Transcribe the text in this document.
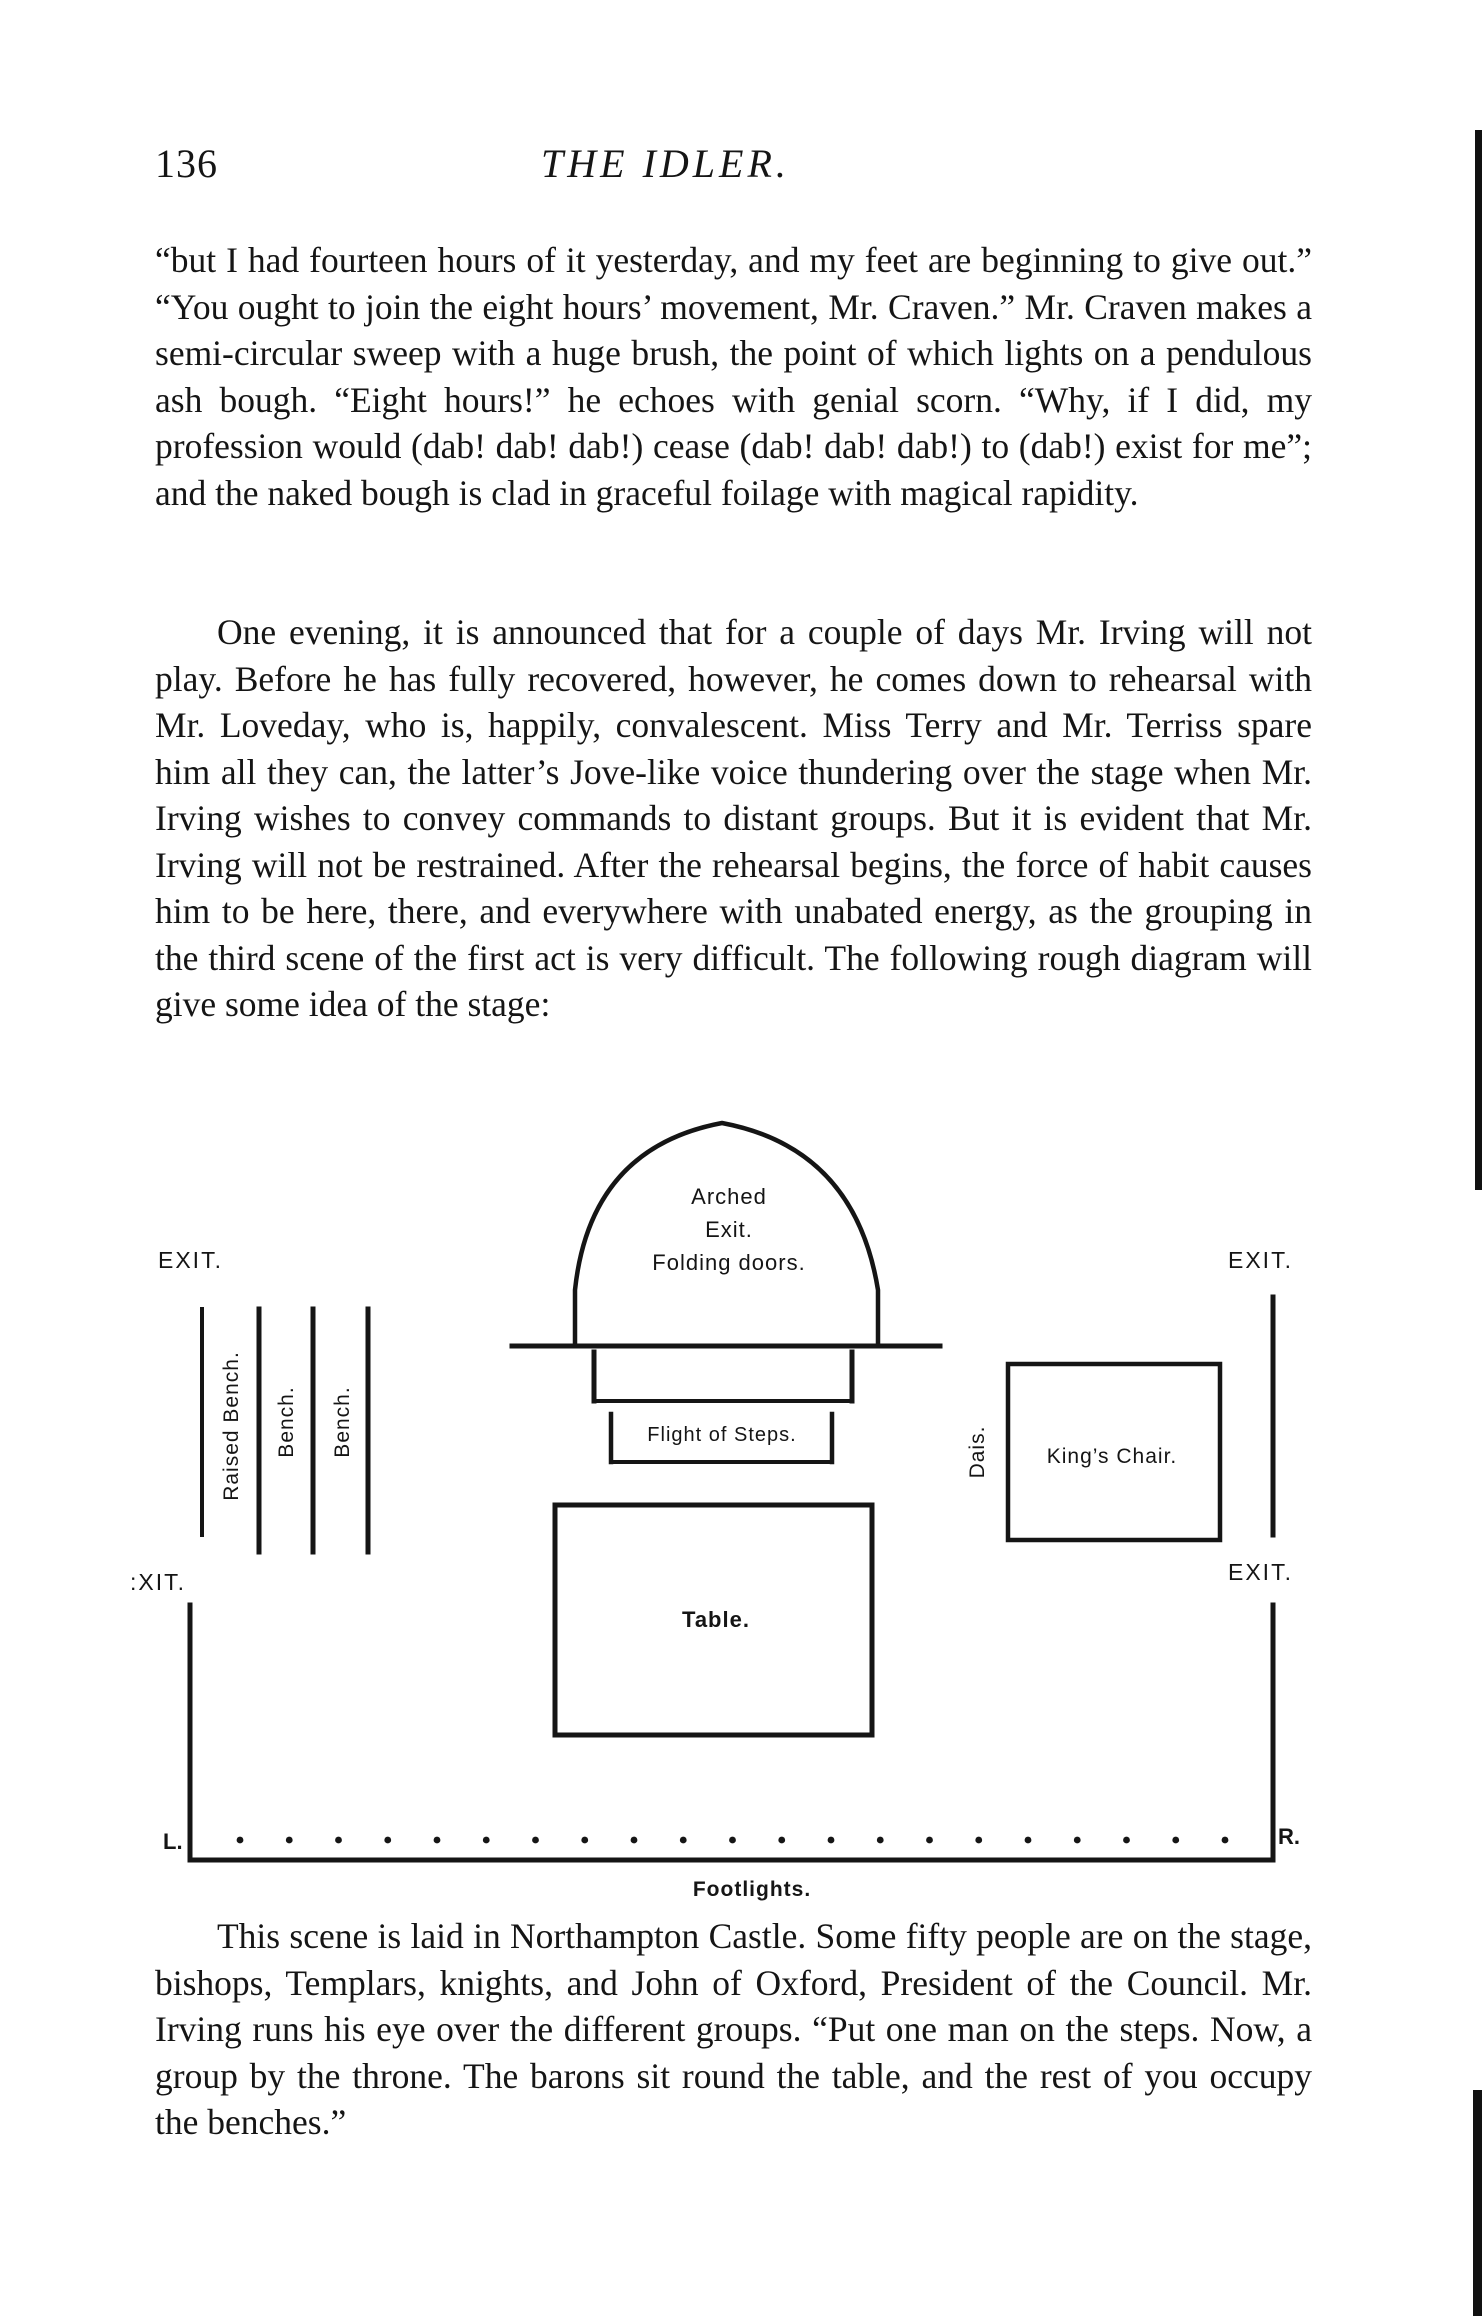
136	THE IDLER.

“but I had fourteen hours of it yesterday, and my feet are beginning to give out.” “You ought to join the eight hours’ movement, Mr. Craven.” Mr. Craven makes a semi-circular sweep with a huge brush, the point of which lights on a pendulous ash bough. “Eight hours!” he echoes with genial scorn. “Why, if I did, my profession would (dab! dab! dab!) cease (dab! dab! dab!) to (dab!) exist for me”; and the naked bough is clad in graceful foilage with magical rapidity.

One evening, it is announced that for a couple of days Mr. Irving will not play. Before he has fully recovered, however, he comes down to rehearsal with Mr. Loveday, who is, happily, convalescent. Miss Terry and Mr. Terriss spare him all they can, the latter’s Jove-like voice thundering over the stage when Mr. Irving wishes to convey commands to distant groups. But it is evident that Mr. Irving will not be restrained. After the rehearsal begins, the force of habit causes him to be here, there, and everywhere with unabated energy, as the grouping in the third scene of the first act is very difficult. The following rough diagram will give some idea of the stage:

EXIT.	EXIT.
:XIT.	EXIT.
Arched
Exit.
Folding doors.
Raised Bench. Bench. Bench.	Flight of Steps.	Dais.	King’s Chair.
Table.
L.	R.
Footlights.

This scene is laid in Northampton Castle. Some fifty people are on the stage, bishops, Templars, knights, and John of Oxford, President of the Council. Mr. Irving runs his eye over the different groups. “Put one man on the steps. Now, a group by the throne. The barons sit round the table, and the rest of you occupy the benches.”
